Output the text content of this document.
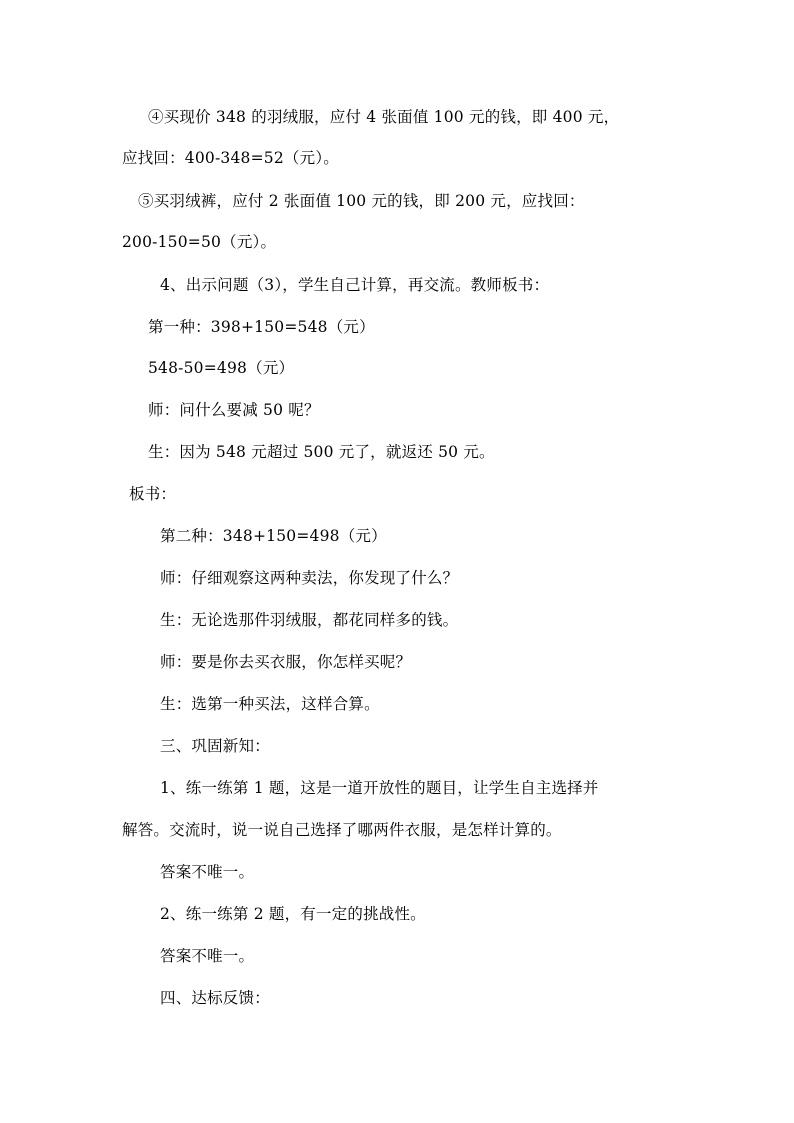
④买现价 348 的羽绒服，应付 4 张面值 100 元的钱，即 400 元，
应找回：400-348=52（元）。
⑤买羽绒裤，应付 2 张面值 100 元的钱，即 200 元，应找回：
200-150=50（元）。
4、出示问题（3），学生自己计算，再交流。教师板书：
第一种：398+150=548（元）
548-50=498（元）
师：问什么要减 50 呢？
生：因为 548 元超过 500 元了，就返还 50 元。
板书：
第二种：348+150=498（元）
师：仔细观察这两种卖法，你发现了什么？
生：无论选那件羽绒服，都花同样多的钱。
师：要是你去买衣服，你怎样买呢？
生：选第一种买法，这样合算。
三、巩固新知：
1、练一练第 1 题，这是一道开放性的题目，让学生自主选择并
解答。交流时，说一说自己选择了哪两件衣服，是怎样计算的。
答案不唯一。
2、练一练第 2 题，有一定的挑战性。
答案不唯一。
四、达标反馈：
